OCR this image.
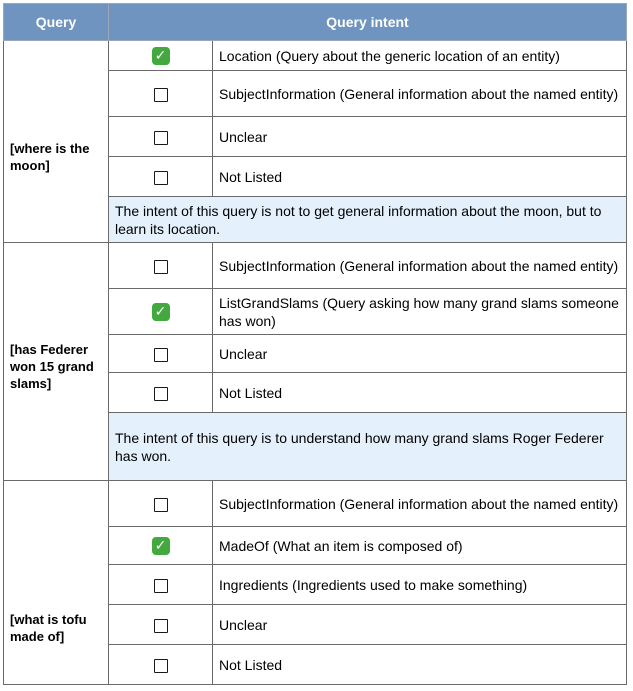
Query	Query intent	
[where is the moon]	✓	Location (Query about the generic location of an entity)
		SubjectInformation (General information about the named entity)
		Unclear
		Not Listed
	The intent of this query is not to get general information about the moon, but to learn its location.	
[has Federer won 15 grand slams]		SubjectInformation (General information about the named entity)
	✓	ListGrandSlams (Query asking how many grand slams someone has won)
		Unclear
		Not Listed
	The intent of this query is to understand how many grand slams Roger Federer has won.	
[what is tofu made of]		SubjectInformation (General information about the named entity)
	✓	MadeOf (What an item is composed of)
		Ingredients (Ingredients used to make something)
		Unclear
		Not Listed
